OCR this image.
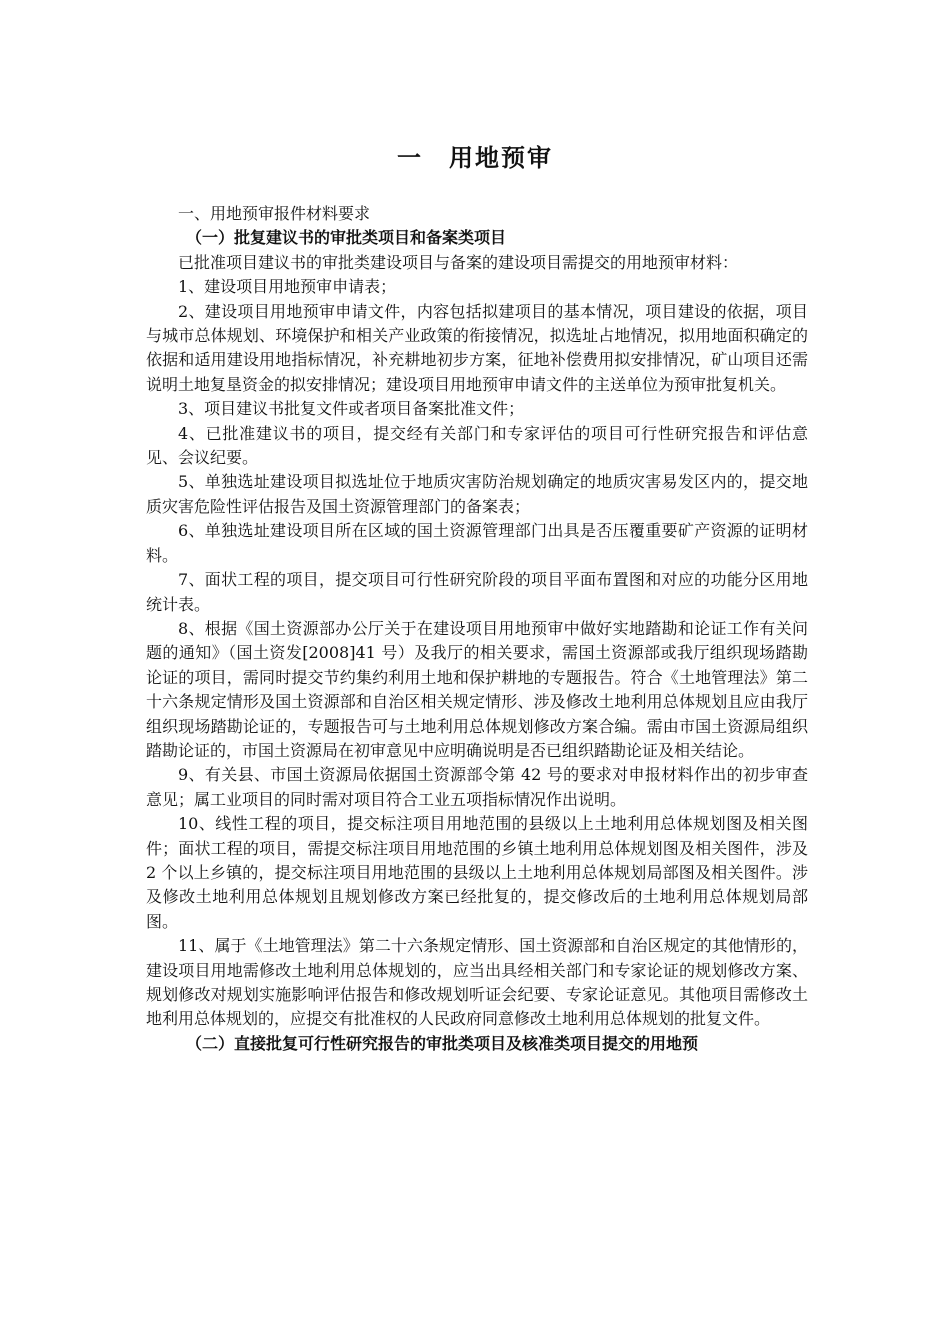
一　用地预审

一、用地预审报件材料要求

（一）批复建议书的审批类项目和备案类项目

已批准项目建议书的审批类建设项目与备案的建设项目需提交的用地预审材料：

1、建设项目用地预审申请表；

2、建设项目用地预审申请文件，内容包括拟建项目的基本情况，项目建设的依据，项目与城市总体规划、环境保护和相关产业政策的衔接情况，拟选址占地情况，拟用地面积确定的依据和适用建设用地指标情况，补充耕地初步方案，征地补偿费用拟安排情况，矿山项目还需说明土地复垦资金的拟安排情况；建设项目用地预审申请文件的主送单位为预审批复机关。

3、项目建议书批复文件或者项目备案批准文件；

4、已批准建议书的项目，提交经有关部门和专家评估的项目可行性研究报告和评估意见、会议纪要。

5、单独选址建设项目拟选址位于地质灾害防治规划确定的地质灾害易发区内的，提交地质灾害危险性评估报告及国土资源管理部门的备案表；

6、单独选址建设项目所在区域的国土资源管理部门出具是否压覆重要矿产资源的证明材料。

7、面状工程的项目，提交项目可行性研究阶段的项目平面布置图和对应的功能分区用地统计表。

8、根据《国土资源部办公厅关于在建设项目用地预审中做好实地踏勘和论证工作有关问题的通知》（国土资发[2008]41 号）及我厅的相关要求，需国土资源部或我厅组织现场踏勘论证的项目，需同时提交节约集约利用土地和保护耕地的专题报告。符合《土地管理法》第二十六条规定情形及国土资源部和自治区相关规定情形、涉及修改土地利用总体规划且应由我厅组织现场踏勘论证的，专题报告可与土地利用总体规划修改方案合编。需由市国土资源局组织踏勘论证的，市国土资源局在初审意见中应明确说明是否已组织踏勘论证及相关结论。

9、有关县、市国土资源局依据国土资源部令第 42 号的要求对申报材料作出的初步审查意见；属工业项目的同时需对项目符合工业五项指标情况作出说明。

10、线性工程的项目，提交标注项目用地范围的县级以上土地利用总体规划图及相关图件；面状工程的项目，需提交标注项目用地范围的乡镇土地利用总体规划图及相关图件，涉及 2 个以上乡镇的，提交标注项目用地范围的县级以上土地利用总体规划局部图及相关图件。涉及修改土地利用总体规划且规划修改方案已经批复的，提交修改后的土地利用总体规划局部图。

11、属于《土地管理法》第二十六条规定情形、国土资源部和自治区规定的其他情形的，建设项目用地需修改土地利用总体规划的，应当出具经相关部门和专家论证的规划修改方案、规划修改对规划实施影响评估报告和修改规划听证会纪要、专家论证意见。其他项目需修改土地利用总体规划的，应提交有批准权的人民政府同意修改土地利用总体规划的批复文件。

（二）直接批复可行性研究报告的审批类项目及核准类项目提交的用地预
